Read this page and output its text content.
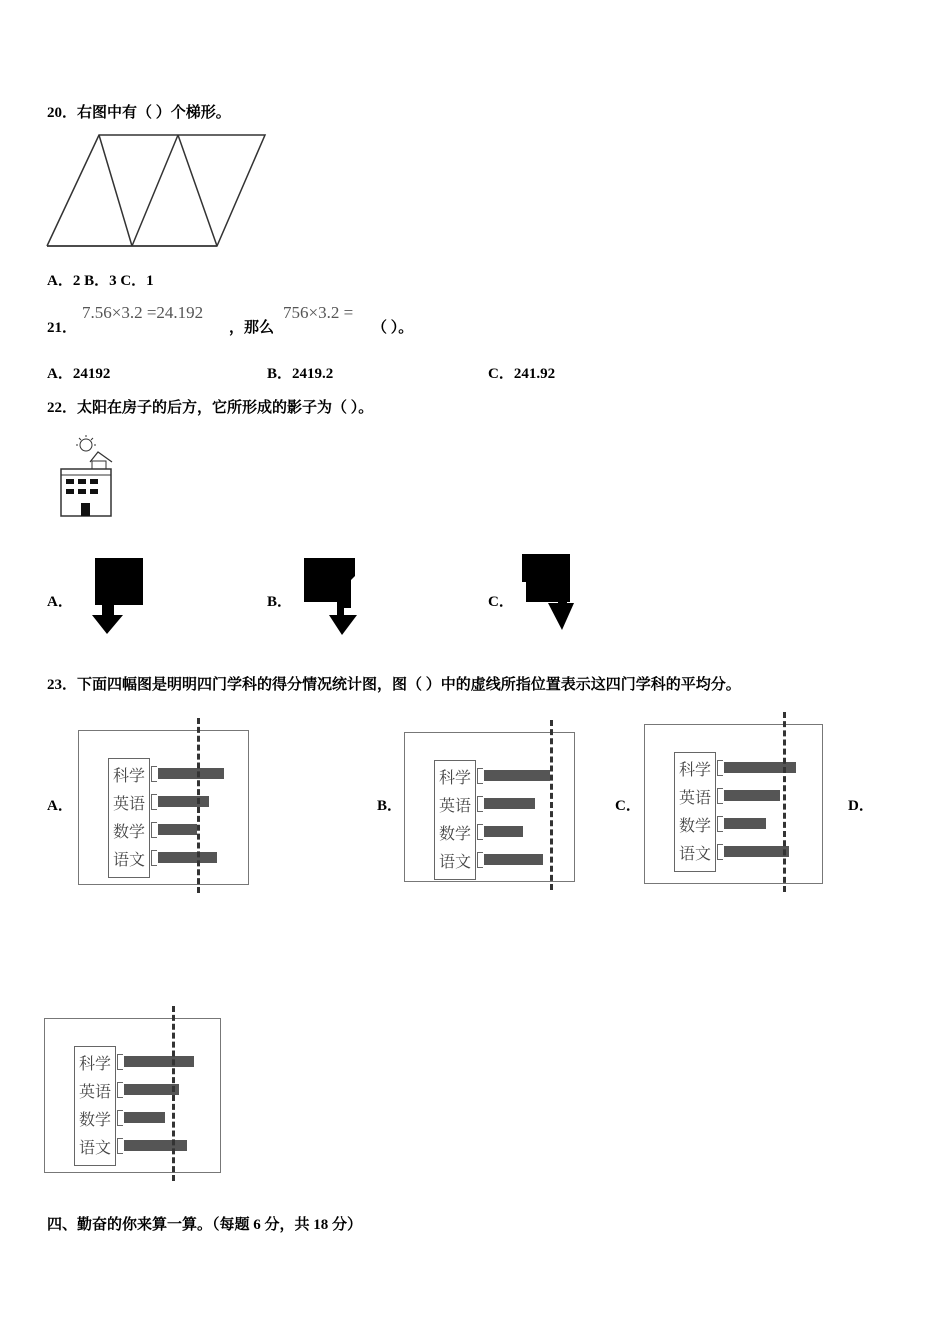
20．右图中有（ ）个梯形。
A．2 B．3 C．1
21．
7.56×3.2 =24.192
，那么
756×3.2 =
（ ）。
A．24192	B．2419.2	C．241.92
22．太阳在房子的后方，它所形成的影子为（ ）。
A．	B．	C．
23．下面四幅图是明明四门学科的得分情况统计图，图（ ）中的虚线所指位置表示这四门学科的平均分。
A．
科学
英语
数学
语文
B．
科学
英语
数学
语文
C．
科学
英语
数学
语文
D．
科学
英语
数学
语文
四、勤奋的你来算一算。（每题 6 分，共 18 分）
